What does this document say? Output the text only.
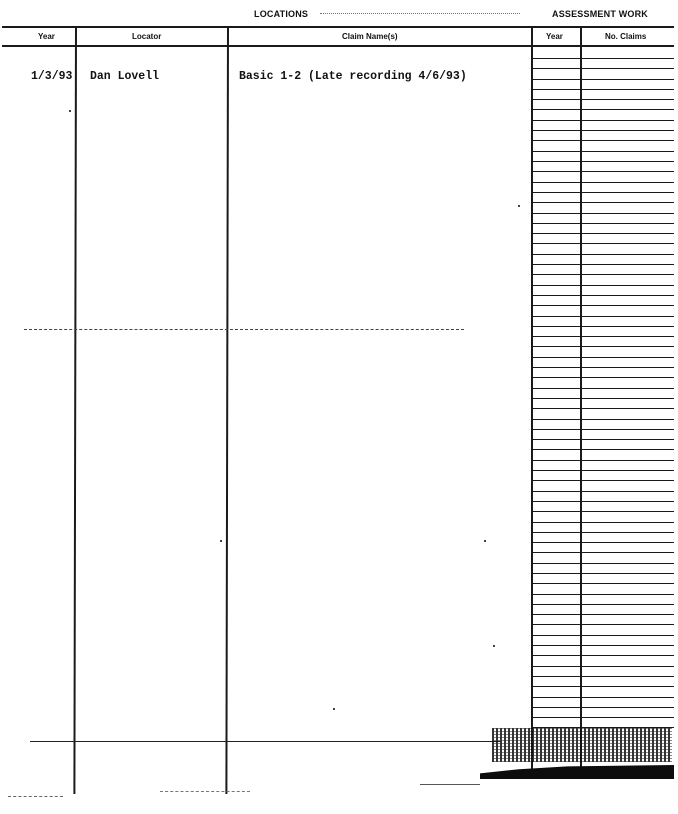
LOCATIONS	ASSESSMENT WORK
Year	Locator	Claim Name(s)	Year	No. Claims
1/3/93 Dan Lovell	Basic 1-2 (Late recording 4/6/93)
